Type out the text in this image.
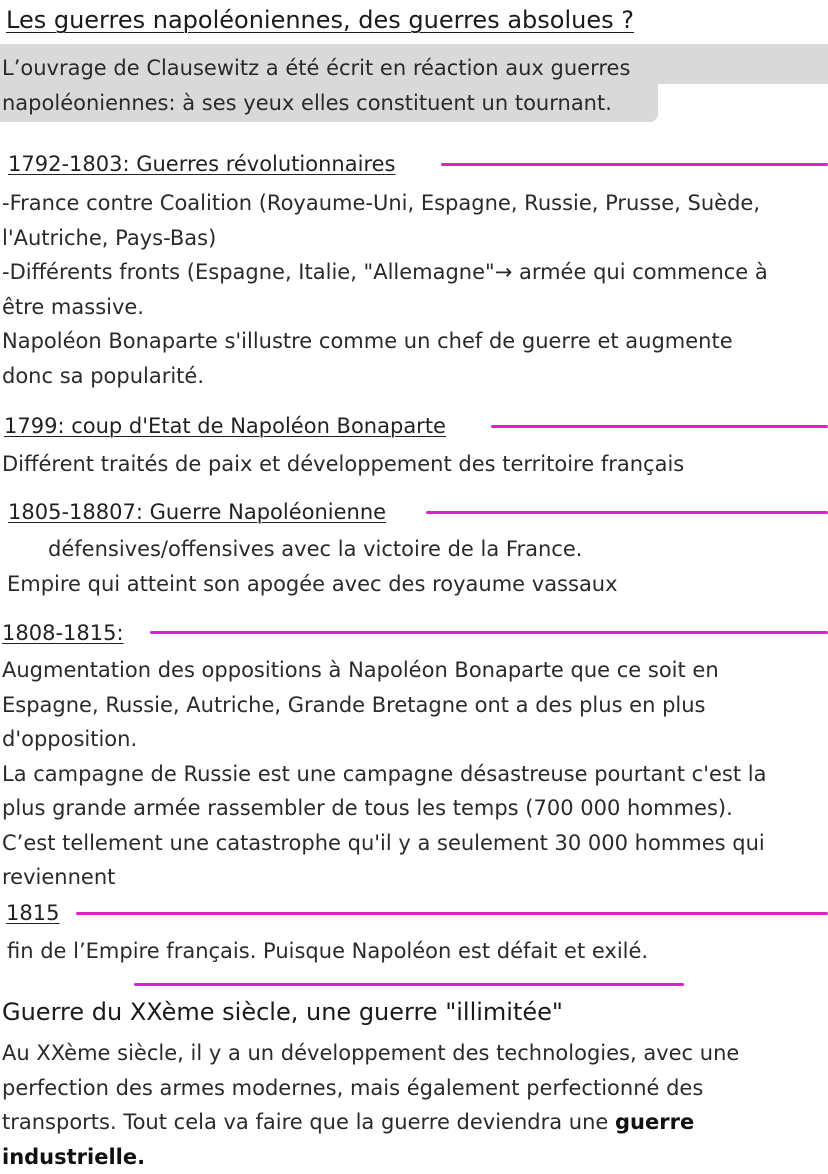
Les guerres napoléoniennes, des guerres absolues ?
L’ouvrage de Clausewitz a été écrit en réaction aux guerres
napoléoniennes: à ses yeux elles constituent un tournant.
1792-1803: Guerres révolutionnaires
-France contre Coalition (Royaume-Uni, Espagne, Russie, Prusse, Suède,
l'Autriche, Pays-Bas)
-Différents fronts (Espagne, Italie, "Allemagne"→ armée qui commence à
être massive.
Napoléon Bonaparte s'illustre comme un chef de guerre et augmente
donc sa popularité.
1799: coup d'Etat de Napoléon Bonaparte
Différent traités de paix et développement des territoire français
1805-18807: Guerre Napoléonienne
défensives/offensives avec la victoire de la France.
Empire qui atteint son apogée avec des royaume vassaux
1808-1815:
Augmentation des oppositions à Napoléon Bonaparte que ce soit en
Espagne, Russie, Autriche, Grande Bretagne ont a des plus en plus
d'opposition.
La campagne de Russie est une campagne désastreuse pourtant c'est la
plus grande armée rassembler de tous les temps (700 000 hommes).
C’est tellement une catastrophe qu'il y a seulement 30 000 hommes qui
reviennent
1815
fin de l’Empire français. Puisque Napoléon est défait et exilé.
Guerre du XXème siècle, une guerre "illimitée"
Au XXème siècle, il y a un développement des technologies, avec une
perfection des armes modernes, mais également perfectionné des
transports. Tout cela va faire que la guerre deviendra une guerre
industrielle.
